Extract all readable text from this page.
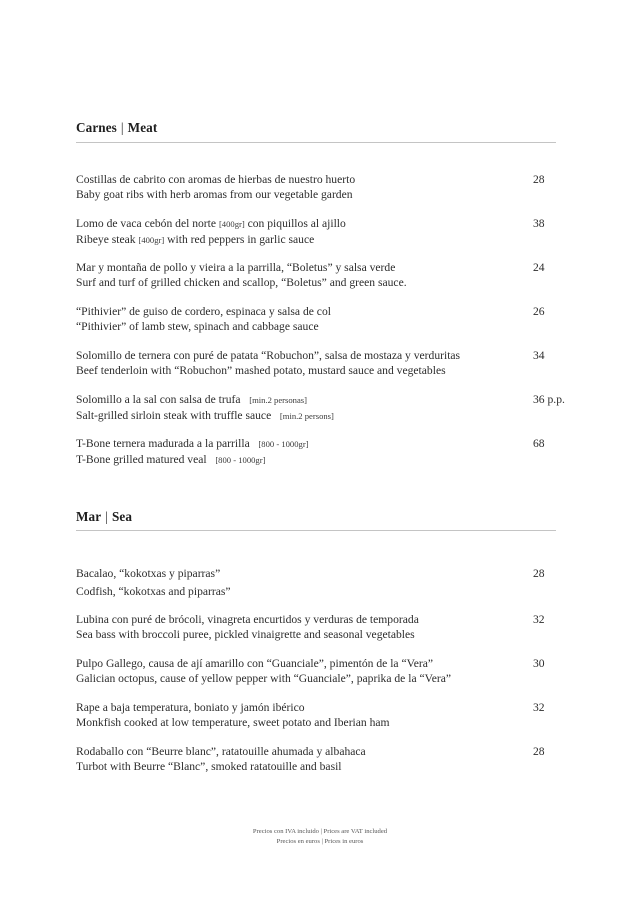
Carnes | Meat
Costillas de cabrito con aromas de hierbas de nuestro huerto
Baby goat ribs with herb aromas from our vegetable garden
28
Lomo de vaca cebón del norte [400gr] con piquillos al ajillo
Ribeye steak [400gr] with red peppers in garlic sauce
38
Mar y montaña de pollo y vieira a la parrilla, “Boletus” y salsa verde
Surf and turf of grilled chicken and scallop, “Boletus” and green sauce.
24
“Pithivier” de guiso de cordero, espinaca y salsa de col
“Pithivier” of lamb stew, spinach and cabbage sauce
26
Solomillo de ternera con puré de patata “Robuchon”, salsa de mostaza y verduritas
Beef tenderloin with “Robuchon” mashed potato, mustard sauce and vegetables
34
Solomillo a la sal con salsa de trufa   [min.2 personas]
Salt-grilled sirloin steak with truffle sauce   [min.2 persons]
36 p.p.
T-Bone ternera madurada a la parrilla   [800 - 1000gr]
T-Bone grilled matured veal   [800 - 1000gr]
68
Mar | Sea
Bacalao, “kokotxas y piparras”
Codfish, “kokotxas and piparras”
28
Lubina con puré de brócoli, vinagreta encurtidos y verduras de temporada
Sea bass with broccoli puree, pickled vinaigrette and seasonal vegetables
32
Pulpo Gallego, causa de ají amarillo con “Guanciale”, pimentón de la “Vera”
Galician octopus, cause of yellow pepper with “Guanciale”, paprika de la “Vera”
30
Rape a baja temperatura, boniato y jamón ibérico
Monkfish cooked at low temperature, sweet potato and Iberian ham
32
Rodaballo con “Beurre blanc”, ratatouille ahumada y albahaca
Turbot with Beurre “Blanc”, smoked ratatouille and basil
28
Precios con IVA incluido | Prices are VAT included
Precios en euros | Prices in euros
